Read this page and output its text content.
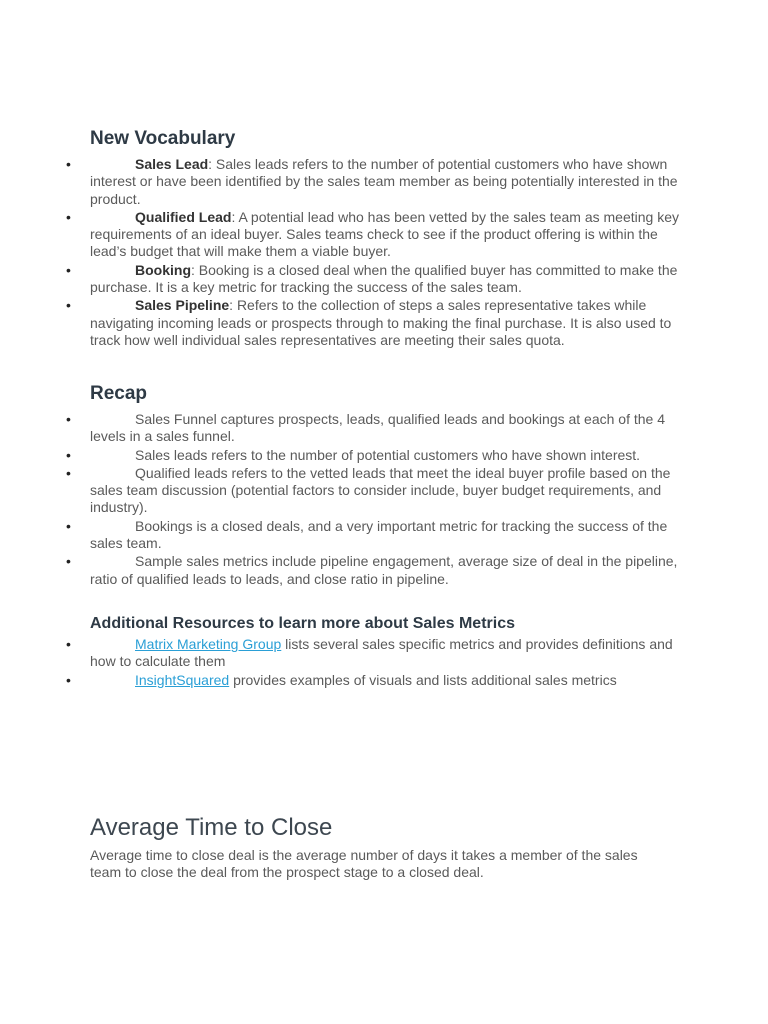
New Vocabulary
•	Sales Lead: Sales leads refers to the number of potential customers who have shown interest or have been identified by the sales team member as being potentially interested in the product.
•	Qualified Lead: A potential lead who has been vetted by the sales team as meeting key requirements of an ideal buyer. Sales teams check to see if the product offering is within the lead’s budget that will make them a viable buyer.
•	Booking: Booking is a closed deal when the qualified buyer has committed to make the purchase. It is a key metric for tracking the success of the sales team.
•	Sales Pipeline: Refers to the collection of steps a sales representative takes while navigating incoming leads or prospects through to making the final purchase. It is also used to track how well individual sales representatives are meeting their sales quota.
Recap
•	Sales Funnel captures prospects, leads, qualified leads and bookings at each of the 4 levels in a sales funnel.
•	Sales leads refers to the number of potential customers who have shown interest.
•	Qualified leads refers to the vetted leads that meet the ideal buyer profile based on the sales team discussion (potential factors to consider include, buyer budget requirements, and industry).
•	Bookings is a closed deals, and a very important metric for tracking the success of the sales team.
•	Sample sales metrics include pipeline engagement, average size of deal in the pipeline, ratio of qualified leads to leads, and close ratio in pipeline.
Additional Resources to learn more about Sales Metrics
•	Matrix Marketing Group lists several sales specific metrics and provides definitions and how to calculate them
•	InsightSquared provides examples of visuals and lists additional sales metrics
Average Time to Close

Average time to close deal is the average number of days it takes a member of the sales team to close the deal from the prospect stage to a closed deal.
